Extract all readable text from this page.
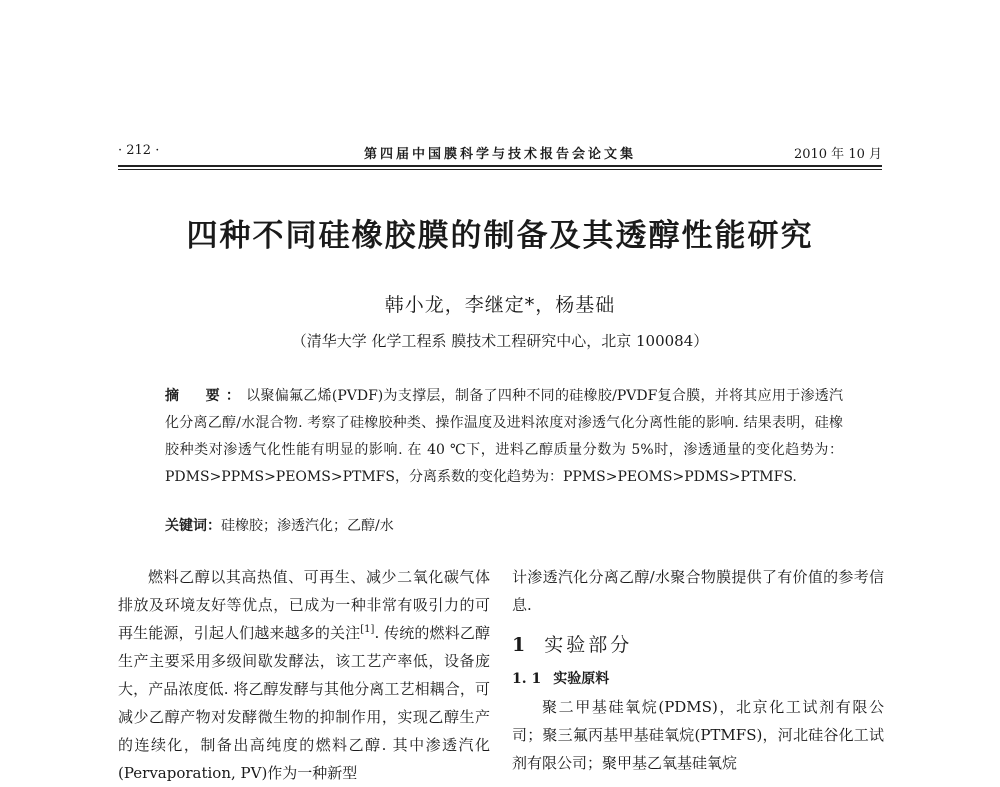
· 212 ·	第四届中国膜科学与技术报告会论文集	2010 年 10 月
四种不同硅橡胶膜的制备及其透醇性能研究
韩小龙，李继定*，杨基础
（清华大学 化学工程系 膜技术工程研究中心，北京 100084）
摘　要：以聚偏氟乙烯(PVDF)为支撑层，制备了四种不同的硅橡胶/PVDF复合膜，并将其应用于渗透汽化分离乙醇/水混合物. 考察了硅橡胶种类、操作温度及进料浓度对渗透气化分离性能的影响. 结果表明，硅橡胶种类对渗透气化性能有明显的影响. 在 40 ℃下，进料乙醇质量分数为 5%时，渗透通量的变化趋势为：PDMS>PPMS>PEOMS>PTMFS，分离系数的变化趋势为：PPMS>PEOMS>PDMS>PTMFS.
关键词：硅橡胶；渗透汽化；乙醇/水

燃料乙醇以其高热值、可再生、减少二氧化碳气体排放及环境友好等优点，已成为一种非常有吸引力的可再生能源，引起人们越来越多的关注[1]. 传统的燃料乙醇生产主要采用多级间歇发酵法，该工艺产率低，设备庞大，产品浓度低. 将乙醇发酵与其他分离工艺相耦合，可减少乙醇产物对发酵微生物的抑制作用，实现乙醇生产的连续化，制备出高纯度的燃料乙醇. 其中渗透汽化(Pervaporation, PV)作为一种新型

计渗透汽化分离乙醇/水聚合物膜提供了有价值的参考信息.

1 实验部分
1. 1 实验原料

聚二甲基硅氧烷(PDMS)，北京化工试剂有限公司；聚三氟丙基甲基硅氧烷(PTMFS)，河北硅谷化工试剂有限公司；聚甲基乙氧基硅氧烷
